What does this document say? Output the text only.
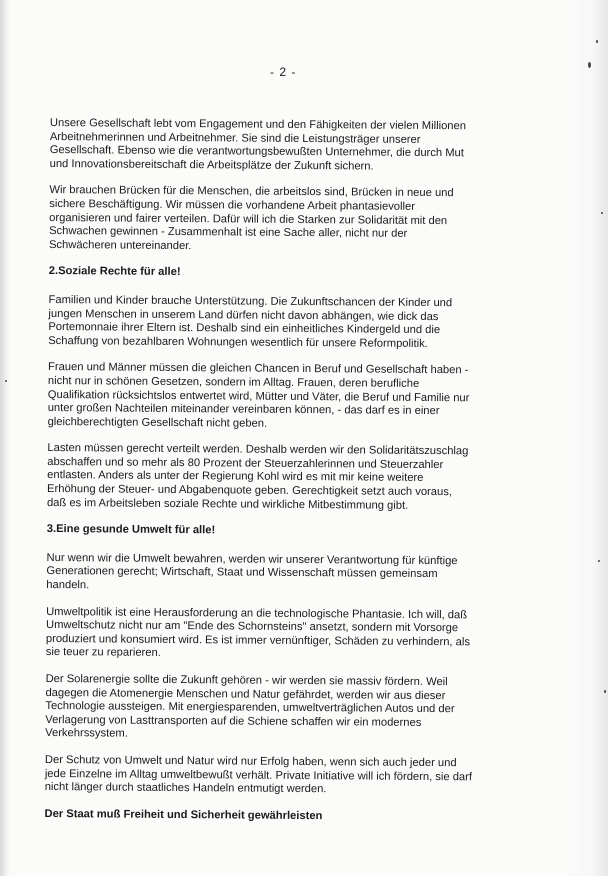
- 2 -
Unsere Gesellschaft lebt vom Engagement und den Fähigkeiten der vielen Millionen
Arbeitnehmerinnen und Arbeitnehmer. Sie sind die Leistungsträger unserer
Gesellschaft. Ebenso wie die verantwortungsbewußten Unternehmer, die durch Mut
und Innovationsbereitschaft die Arbeitsplätze der Zukunft sichern.
Wir brauchen Brücken für die Menschen, die arbeitslos sind, Brücken in neue und
sichere Beschäftigung. Wir müssen die vorhandene Arbeit phantasievoller
organisieren und fairer verteilen. Dafür will ich die Starken zur Solidarität mit den
Schwachen gewinnen - Zusammenhalt ist eine Sache aller, nicht nur der
Schwächeren untereinander.
2.Soziale Rechte für alle!
Familien und Kinder brauche Unterstützung. Die Zukunftschancen der Kinder und
jungen Menschen in unserem Land dürfen nicht davon abhängen, wie dick das
Portemonnaie ihrer Eltern ist. Deshalb sind ein einheitliches Kindergeld und die
Schaffung von bezahlbaren Wohnungen wesentlich für unsere Reformpolitik.
Frauen und Männer müssen die gleichen Chancen in Beruf und Gesellschaft haben -
nicht nur in schönen Gesetzen, sondern im Alltag. Frauen, deren berufliche
Qualifikation rücksichtslos entwertet wird, Mütter und Väter, die Beruf und Familie nur
unter großen Nachteilen miteinander vereinbaren können, - das darf es in einer
gleichberechtigten Gesellschaft nicht geben.
Lasten müssen gerecht verteilt werden. Deshalb werden wir den Solidaritätszuschlag
abschaffen und so mehr als 80 Prozent der Steuerzahlerinnen und Steuerzahler
entlasten. Anders als unter der Regierung Kohl wird es mit mir keine weitere
Erhöhung der Steuer- und Abgabenquote geben. Gerechtigkeit setzt auch voraus,
daß es im Arbeitsleben soziale Rechte und wirkliche Mitbestimmung gibt.
3.Eine gesunde Umwelt für alle!
Nur wenn wir die Umwelt bewahren, werden wir unserer Verantwortung für künftige
Generationen gerecht; Wirtschaft, Staat und Wissenschaft müssen gemeinsam
handeln.
Umweltpolitik ist eine Herausforderung an die technologische Phantasie. Ich will, daß
Umweltschutz nicht nur am "Ende des Schornsteins" ansetzt, sondern mit Vorsorge
produziert und konsumiert wird. Es ist immer vernünftiger, Schäden zu verhindern, als
sie teuer zu reparieren.
Der Solarenergie sollte die Zukunft gehören - wir werden sie massiv fördern. Weil
dagegen die Atomenergie Menschen und Natur gefährdet, werden wir aus dieser
Technologie aussteigen. Mit energiesparenden, umweltverträglichen Autos und der
Verlagerung von Lasttransporten auf die Schiene schaffen wir ein modernes
Verkehrssystem.
Der Schutz von Umwelt und Natur wird nur Erfolg haben, wenn sich auch jeder und
jede Einzelne im Alltag umweltbewußt verhält. Private Initiative will ich fördern, sie darf
nicht länger durch staatliches Handeln entmutigt werden.
Der Staat muß Freiheit und Sicherheit gewährleisten
